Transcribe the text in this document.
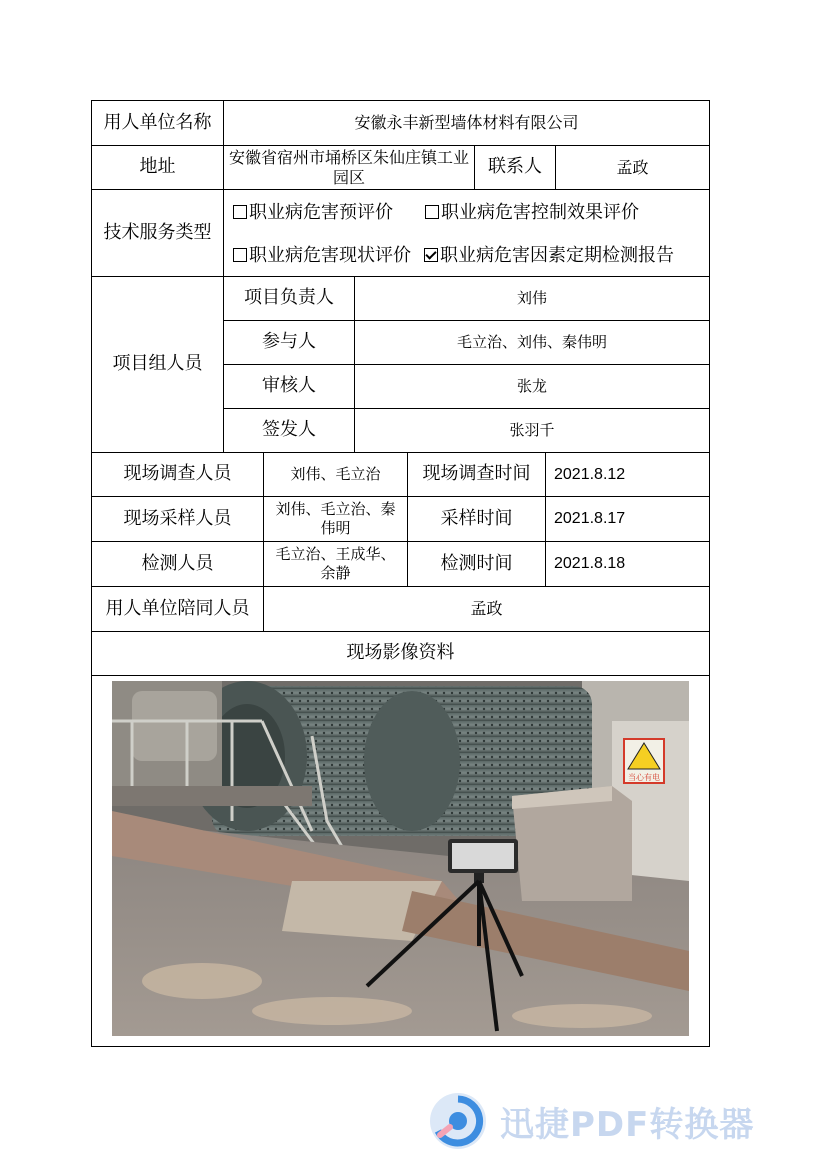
用人单位名称	安徽永丰新型墙体材料有限公司
地址	安徽省宿州市埇桥区朱仙庄镇工业园区	联系人	孟政
技术服务类型
职业病危害预评价	职业病危害控制效果评价
职业病危害现状评价	职业病危害因素定期检测报告
项目组人员
项目负责人	刘伟
参与人	毛立治、刘伟、秦伟明
审核人	张龙
签发人	张羽千
现场调查人员	刘伟、毛立治	现场调查时间	2021.8.12
现场采样人员	刘伟、毛立治、秦伟明	采样时间	2021.8.17
检测人员	毛立治、王成华、余静	检测时间	2021.8.18
用人单位陪同人员	孟政
现场影像资料
当心有电
迅捷PDF转换器
